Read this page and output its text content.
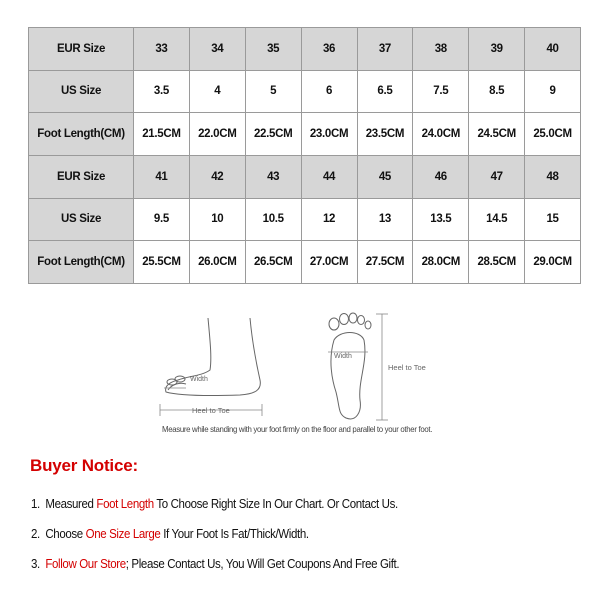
EUR Size	33	34	35	36	37	38	39	40
US Size	3.5	4	5	6	6.5	7.5	8.5	9
Foot Length(CM)	21.5CM	22.0CM	22.5CM	23.0CM	23.5CM	24.0CM	24.5CM	25.0CM
EUR Size	41	42	43	44	45	46	47	48
US Size	9.5	10	10.5	12	13	13.5	14.5	15
Foot Length(CM)	25.5CM	26.0CM	26.5CM	27.0CM	27.5CM	28.0CM	28.5CM	29.0CM
Width
Heel to Toe
Width
Heel to Toe
Measure while standing with your foot firmly on the floor and parallel to your other foot.
Buyer Notice:
1. Measured Foot Length To Choose Right Size In Our Chart. Or Contact Us.
2. Choose One Size Large If Your Foot Is Fat/Thick/Width.
3. Follow Our Store; Please Contact Us, You Will Get Coupons And Free Gift.
